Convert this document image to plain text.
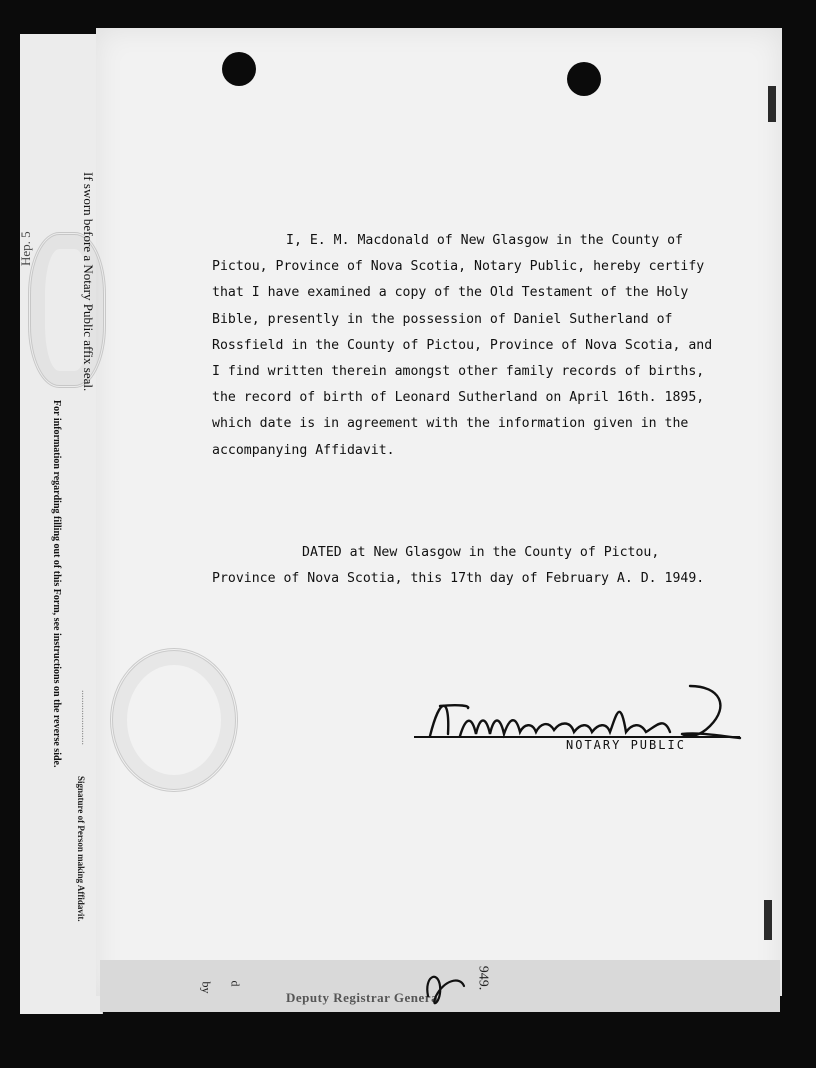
Hep. 5	If sworn before a Notary Public affix seal.
For information regarding filling out of this Form, see instructions on the reverse side. ......................
Signature of Person making Affidavit.

I, E. M. Macdonald of New Glasgow in the County of Pictou, Province of Nova Scotia, Notary Public, hereby certify that I have examined a copy of the Old Testament of the Holy Bible, presently in the possession of Daniel Sutherland of Rossfield in the County of Pictou, Province of Nova Scotia, and I find written therein amongst other family records of births, the record of birth of Leonard Sutherland on April 16th. 1895, which date is in agreement with the information given in the accompanying Affidavit.

DATED at New Glasgow in the County of Pictou, Province of Nova Scotia, this 17th day of February A. D. 1949.

NOTARY PUBLIC
by d
Deputy Registrar Genera
949.
